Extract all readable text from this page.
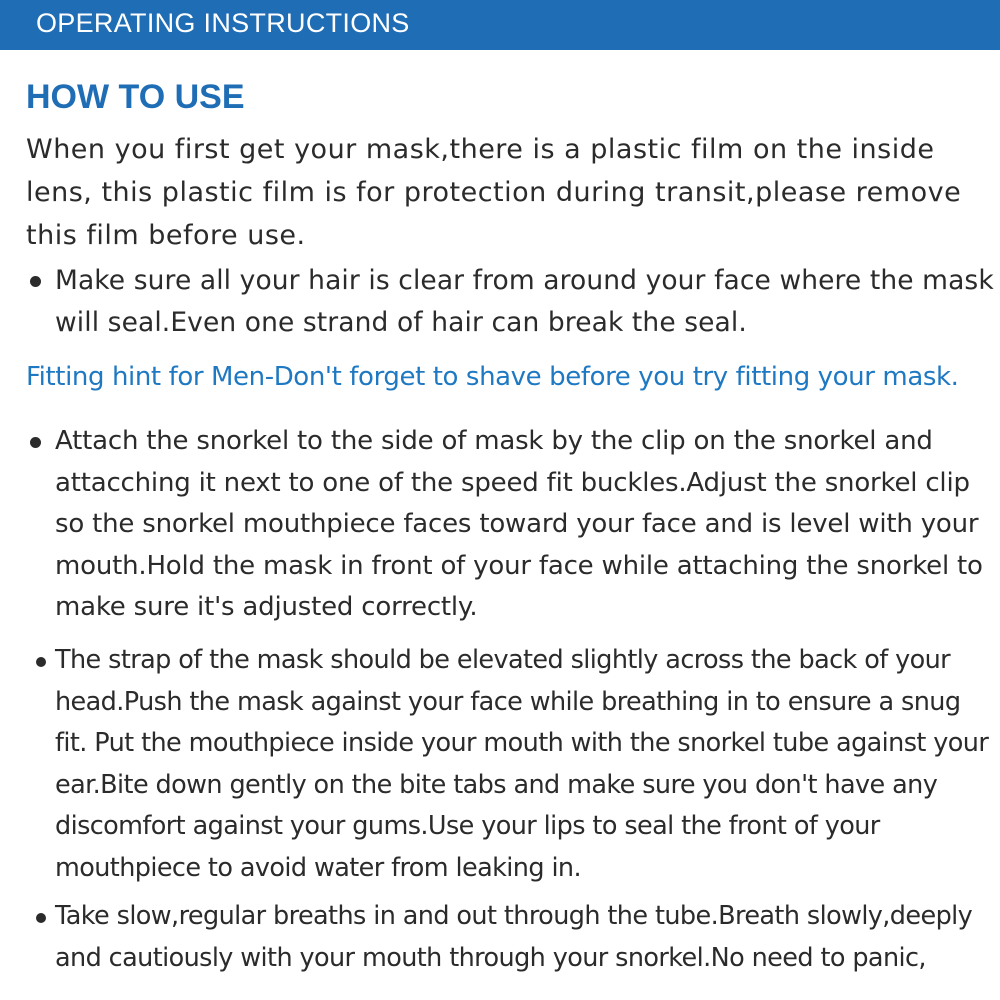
OPERATING INSTRUCTIONS
HOW TO USE

When you first get your mask,there is a plastic film on the inside lens, this plastic film is for protection during transit,please remove this film before use.

Make sure all your hair is clear from around your face where the mask will seal.Even one strand of hair can break the seal.

Fitting hint for Men-Don't forget to shave before you try fitting your mask.

Attach the snorkel to the side of mask by the clip on the snorkel and attacching it next to one of the speed fit buckles.Adjust the snorkel clip so the snorkel mouthpiece faces toward your face and is level with your mouth.Hold the mask in front of your face while attaching the snorkel to make sure it's adjusted correctly.
The strap of the mask should be elevated slightly across the back of your head.Push the mask against your face while breathing in to ensure a snug fit. Put the mouthpiece inside your mouth with the snorkel tube against your ear.Bite down gently on the bite tabs and make sure you don't have any discomfort against your gums.Use your lips to seal the front of your mouthpiece to avoid water from leaking in.
Take slow,regular breaths in and out through the tube.Breath slowly,deeply and cautiously with your mouth through your snorkel.No need to panic,
